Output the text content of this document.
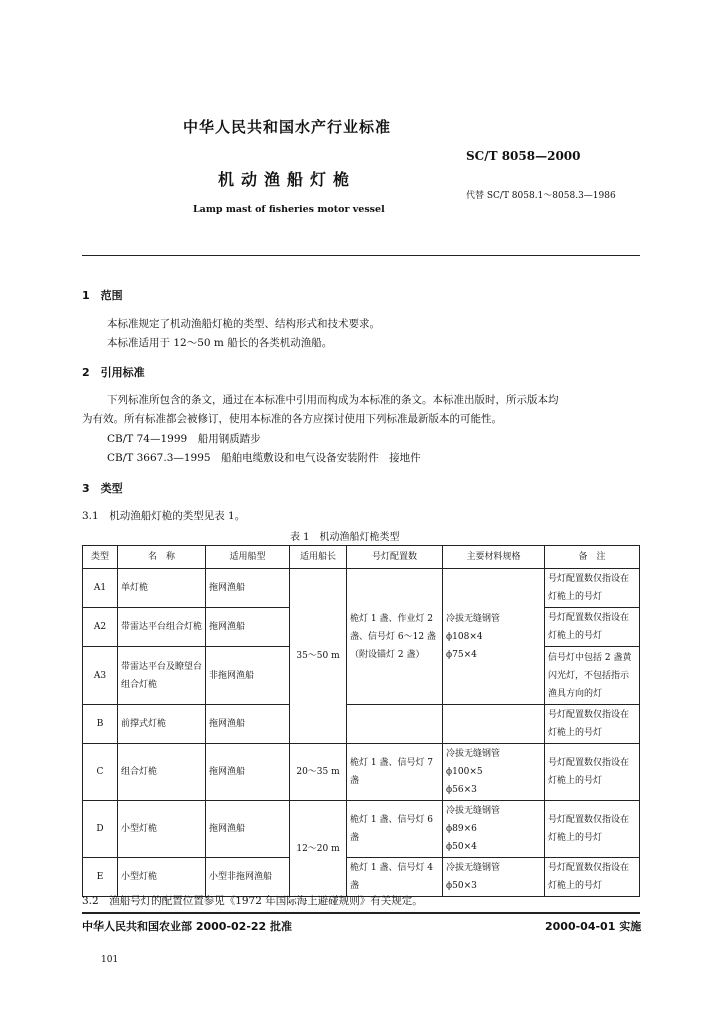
中华人民共和国水产行业标准
SC/T 8058—2000
机动渔船灯桅
代替 SC/T 8058.1～8058.3—1986
Lamp mast of fisheries motor vessel
1　范围
本标准规定了机动渔船灯桅的类型、结构形式和技术要求。
本标准适用于 12～50 m 船长的各类机动渔船。
2　引用标准
下列标准所包含的条文，通过在本标准中引用而构成为本标准的条文。本标准出版时，所示版本均
为有效。所有标准都会被修订，使用本标准的各方应探讨使用下列标准最新版本的可能性。
CB/T 74—1999　船用钢质踏步
CB/T 3667.3—1995　船舶电缆敷设和电气设备安装附件　接地件
3　类型
3.1　机动渔船灯桅的类型见表 1。
表 1　机动渔船灯桅类型
类型	名　称	适用船型	适用船长	号灯配置数	主要材料规格	备　注
A1	单灯桅	拖网渔船	35～50 m	桅灯 1 盏、作业灯 2 盏、信号灯 6～12 盏（附设锚灯 2 盏）	冷拔无缝钢管
ϕ108×4
ϕ75×4	号灯配置数仅指设在灯桅上的号灯
A2	带雷达平台组合灯桅	拖网渔船				号灯配置数仅指设在灯桅上的号灯
A3	带雷达平台及瞭望台组合灯桅	非拖网渔船				信号灯中包括 2 盏黄闪光灯，不包括指示渔具方向的灯
B	前撑式灯桅	拖网渔船				号灯配置数仅指设在灯桅上的号灯
C	组合灯桅	拖网渔船	20～35 m	桅灯 1 盏、信号灯 7 盏	冷拔无缝钢管
ϕ100×5
ϕ56×3	号灯配置数仅指设在灯桅上的号灯
D	小型灯桅	拖网渔船	12～20 m	桅灯 1 盏、信号灯 6 盏	冷拔无缝钢管
ϕ89×6
ϕ50×4	号灯配置数仅指设在灯桅上的号灯
E	小型灯桅	小型非拖网渔船		桅灯 1 盏、信号灯 4 盏	冷拔无缝钢管
ϕ50×3	号灯配置数仅指设在灯桅上的号灯
3.2　渔船号灯的配置位置参见《1972 年国际海上避碰规则》有关规定。
中华人民共和国农业部 2000-02-22 批准	2000-04-01 实施
101
